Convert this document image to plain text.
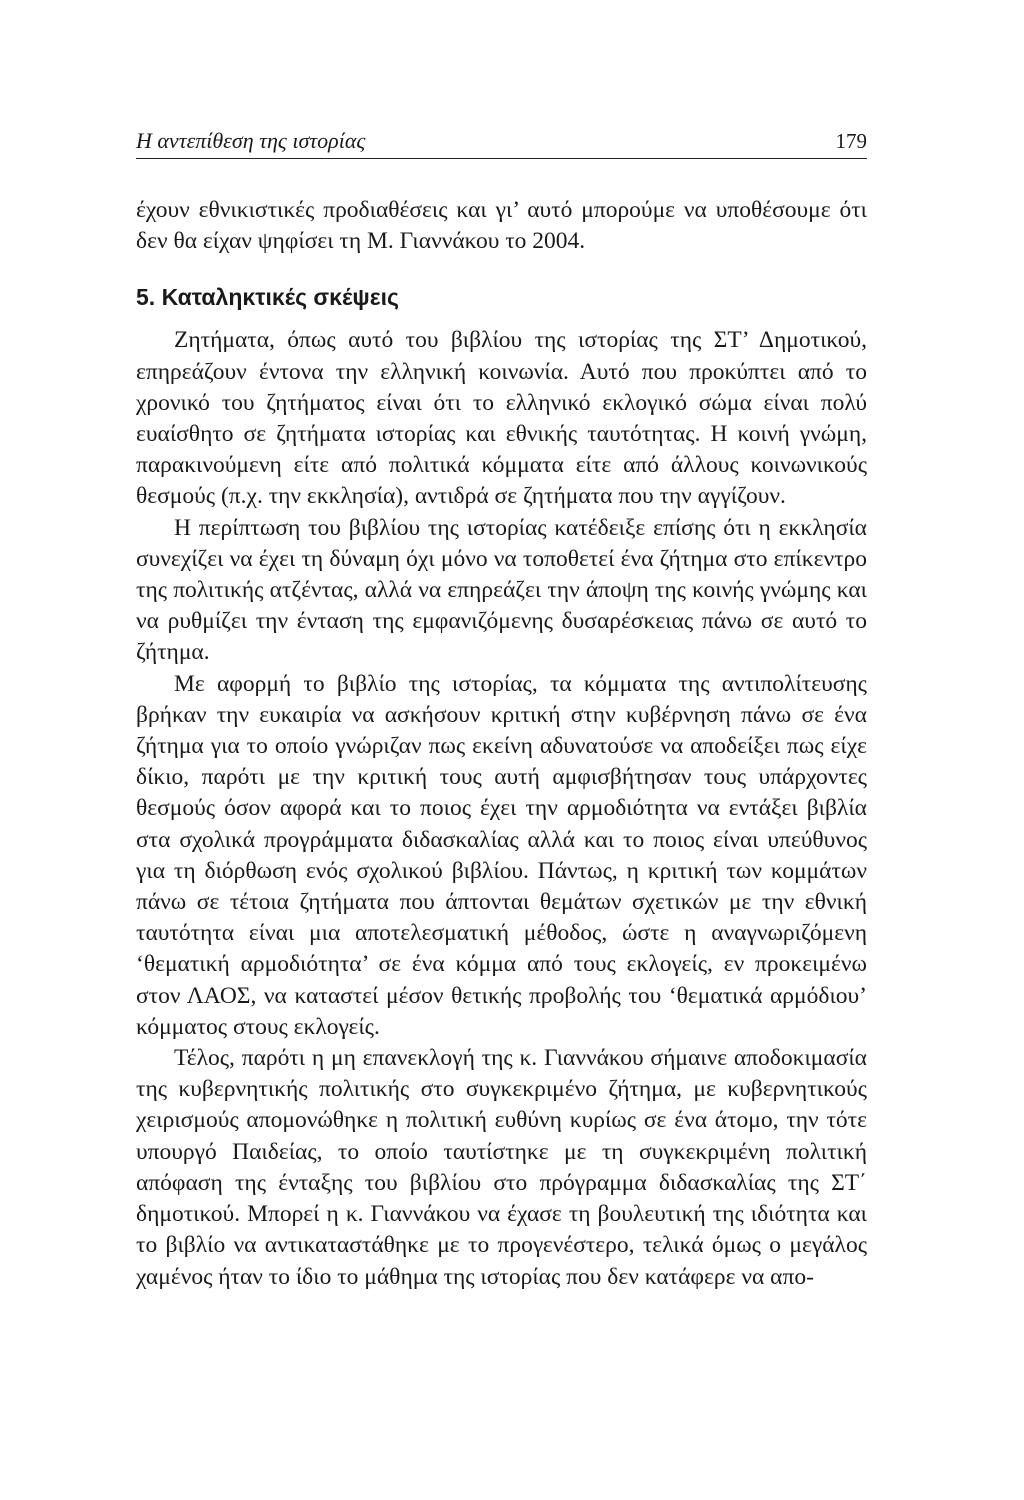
Η αντεπίθεση της ιστορίας	179

έχουν εθνικιστικές προδιαθέσεις και γι’ αυτό μπορούμε να υποθέσουμε ότι δεν θα είχαν ψηφίσει τη Μ. Γιαννάκου το 2004.

5. Καταληκτικές σκέψεις

Ζητήματα, όπως αυτό του βιβλίου της ιστορίας της ΣΤ’ Δημοτικού, επηρεάζουν έντονα την ελληνική κοινωνία. Αυτό που προκύπτει από το χρονικό του ζητήματος είναι ότι το ελληνικό εκλογικό σώμα είναι πολύ ευαίσθητο σε ζητήματα ιστορίας και εθνικής ταυτότητας. Η κοινή γνώμη, παρακινούμενη είτε από πολιτικά κόμματα είτε από άλλους κοινωνικούς θεσμούς (π.χ. την εκκλησία), αντιδρά σε ζητήματα που την αγγίζουν.

Η περίπτωση του βιβλίου της ιστορίας κατέδειξε επίσης ότι η εκκλησία συνεχίζει να έχει τη δύναμη όχι μόνο να τοποθετεί ένα ζήτημα στο επίκεντρο της πολιτικής ατζέντας, αλλά να επηρεάζει την άποψη της κοινής γνώμης και να ρυθμίζει την ένταση της εμφανιζόμενης δυσαρέσκειας πάνω σε αυτό το ζήτημα.

Με αφορμή το βιβλίο της ιστορίας, τα κόμματα της αντιπολίτευσης βρήκαν την ευκαιρία να ασκήσουν κριτική στην κυβέρνηση πάνω σε ένα ζήτημα για το οποίο γνώριζαν πως εκείνη αδυνατούσε να αποδείξει πως είχε δίκιο, παρότι με την κριτική τους αυτή αμφισβήτησαν τους υπάρχοντες θεσμούς όσον αφορά και το ποιος έχει την αρμοδιότητα να εντάξει βιβλία στα σχολικά προγράμματα διδασκαλίας αλλά και το ποιος είναι υπεύθυνος για τη διόρθωση ενός σχολικού βιβλίου. Πάντως, η κριτική των κομμάτων πάνω σε τέτοια ζητήματα που άπτονται θεμάτων σχετικών με την εθνική ταυτότητα είναι μια αποτελεσματική μέθοδος, ώστε η αναγνωριζόμενη ‘θεματική αρμοδιότητα’ σε ένα κόμμα από τους εκλογείς, εν προκειμένω στον ΛΑΟΣ, να καταστεί μέσον θετικής προβολής του ‘θεματικά αρμόδιου’ κόμματος στους εκλογείς.

Τέλος, παρότι η μη επανεκλογή της κ. Γιαννάκου σήμαινε αποδοκιμασία της κυβερνητικής πολιτικής στο συγκεκριμένο ζήτημα, με κυβερνητικούς χειρισμούς απομονώθηκε η πολιτική ευθύνη κυρίως σε ένα άτομο, την τότε υπουργό Παιδείας, το οποίο ταυτίστηκε με τη συγκεκριμένη πολιτική απόφαση της ένταξης του βιβλίου στο πρόγραμμα διδασκαλίας της ΣΤ΄ δημοτικού. Μπορεί η κ. Γιαννάκου να έχασε τη βουλευτική της ιδιότητα και το βιβλίο να αντικαταστάθηκε με το προγενέστερο, τελικά όμως ο μεγάλος χαμένος ήταν το ίδιο το μάθημα της ιστορίας που δεν κατάφερε να απο-
